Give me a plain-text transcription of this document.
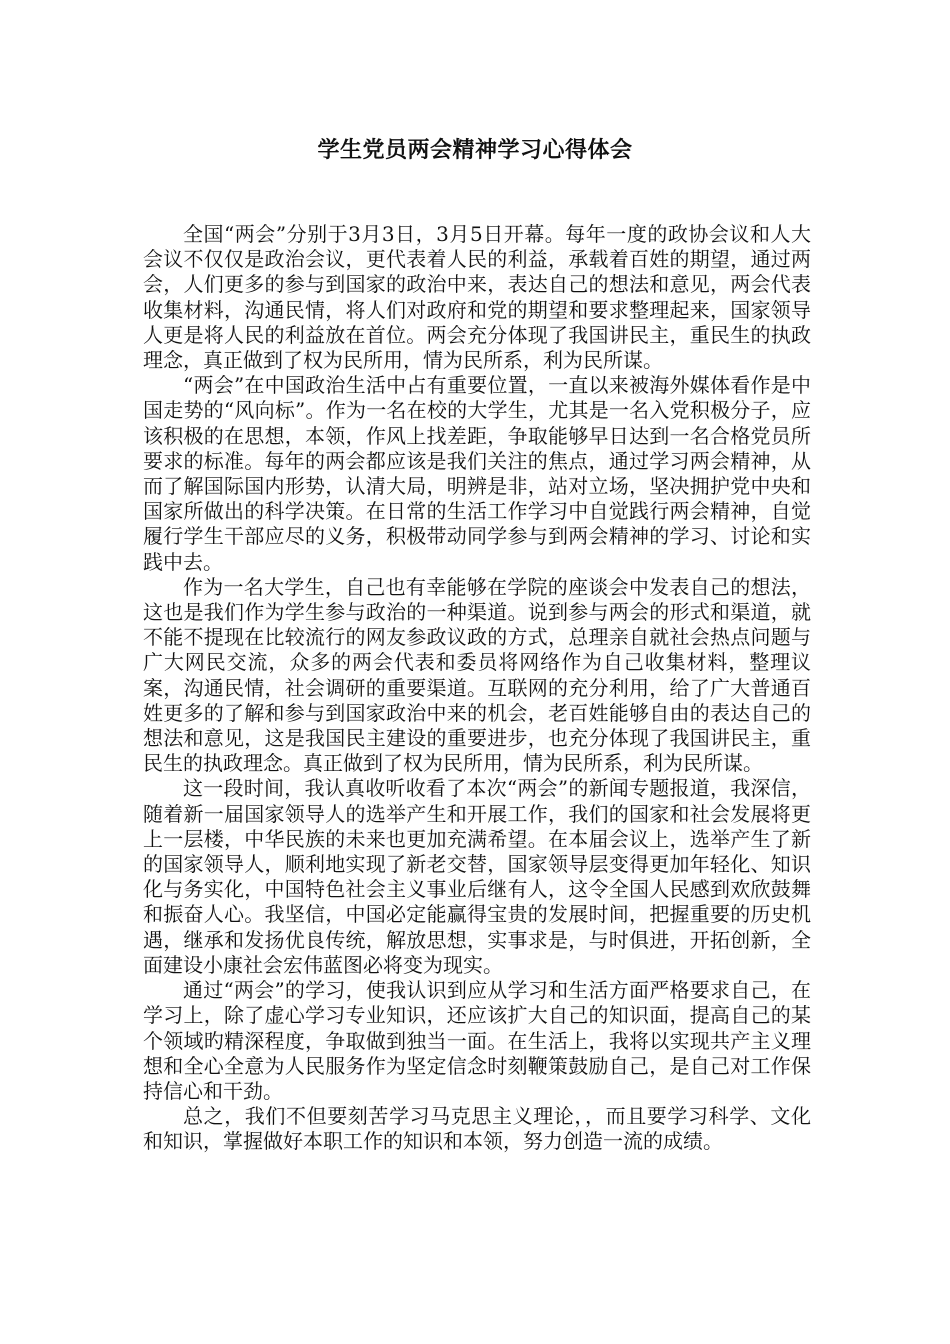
学生党员两会精神学习心得体会

全国“两会”分别于3月3日，3月5日开幕。每年一度的政协会议和人大会议不仅仅是政治会议，更代表着人民的利益，承载着百姓的期望，通过两会，人们更多的参与到国家的政治中来，表达自己的想法和意见，两会代表收集材料，沟通民情，将人们对政府和党的期望和要求整理起来，国家领导人更是将人民的利益放在首位。两会充分体现了我国讲民主，重民生的执政理念，真正做到了权为民所用，情为民所系，利为民所谋。

“两会”在中国政治生活中占有重要位置，一直以来被海外媒体看作是中国走势的“风向标”。作为一名在校的大学生，尤其是一名入党积极分子，应该积极的在思想，本领，作风上找差距，争取能够早日达到一名合格党员所要求的标准。每年的两会都应该是我们关注的焦点，通过学习两会精神，从而了解国际国内形势，认清大局，明辨是非，站对立场，坚决拥护党中央和国家所做出的科学决策。在日常的生活工作学习中自觉践行两会精神，自觉履行学生干部应尽的义务，积极带动同学参与到两会精神的学习、讨论和实践中去。

作为一名大学生，自己也有幸能够在学院的座谈会中发表自己的想法，这也是我们作为学生参与政治的一种渠道。说到参与两会的形式和渠道，就不能不提现在比较流行的网友参政议政的方式，总理亲自就社会热点问题与广大网民交流，众多的两会代表和委员将网络作为自己收集材料，整理议案，沟通民情，社会调研的重要渠道。互联网的充分利用，给了广大普通百姓更多的了解和参与到国家政治中来的机会，老百姓能够自由的表达自己的想法和意见，这是我国民主建设的重要进步，也充分体现了我国讲民主，重民生的执政理念。真正做到了权为民所用，情为民所系，利为民所谋。

这一段时间，我认真收听收看了本次“两会”的新闻专题报道，我深信，随着新一届国家领导人的选举产生和开展工作，我们的国家和社会发展将更上一层楼，中华民族的未来也更加充满希望。在本届会议上，选举产生了新的国家领导人，顺利地实现了新老交替，国家领导层变得更加年轻化、知识化与务实化，中国特色社会主义事业后继有人，这令全国人民感到欢欣鼓舞和振奋人心。我坚信，中国必定能赢得宝贵的发展时间，把握重要的历史机遇，继承和发扬优良传统，解放思想，实事求是，与时俱进，开拓创新，全面建设小康社会宏伟蓝图必将变为现实。

通过“两会”的学习，使我认识到应从学习和生活方面严格要求自己，在学习上，除了虚心学习专业知识，还应该扩大自己的知识面，提高自己的某个领域旳精深程度，争取做到独当一面。在生活上，我将以实现共产主义理想和全心全意为人民服务作为坚定信念时刻鞭策鼓励自己，是自己对工作保持信心和干劲。

总之，我们不但要刻苦学习马克思主义理论，，而且要学习科学、文化和知识，掌握做好本职工作的知识和本领，努力创造一流的成绩。
